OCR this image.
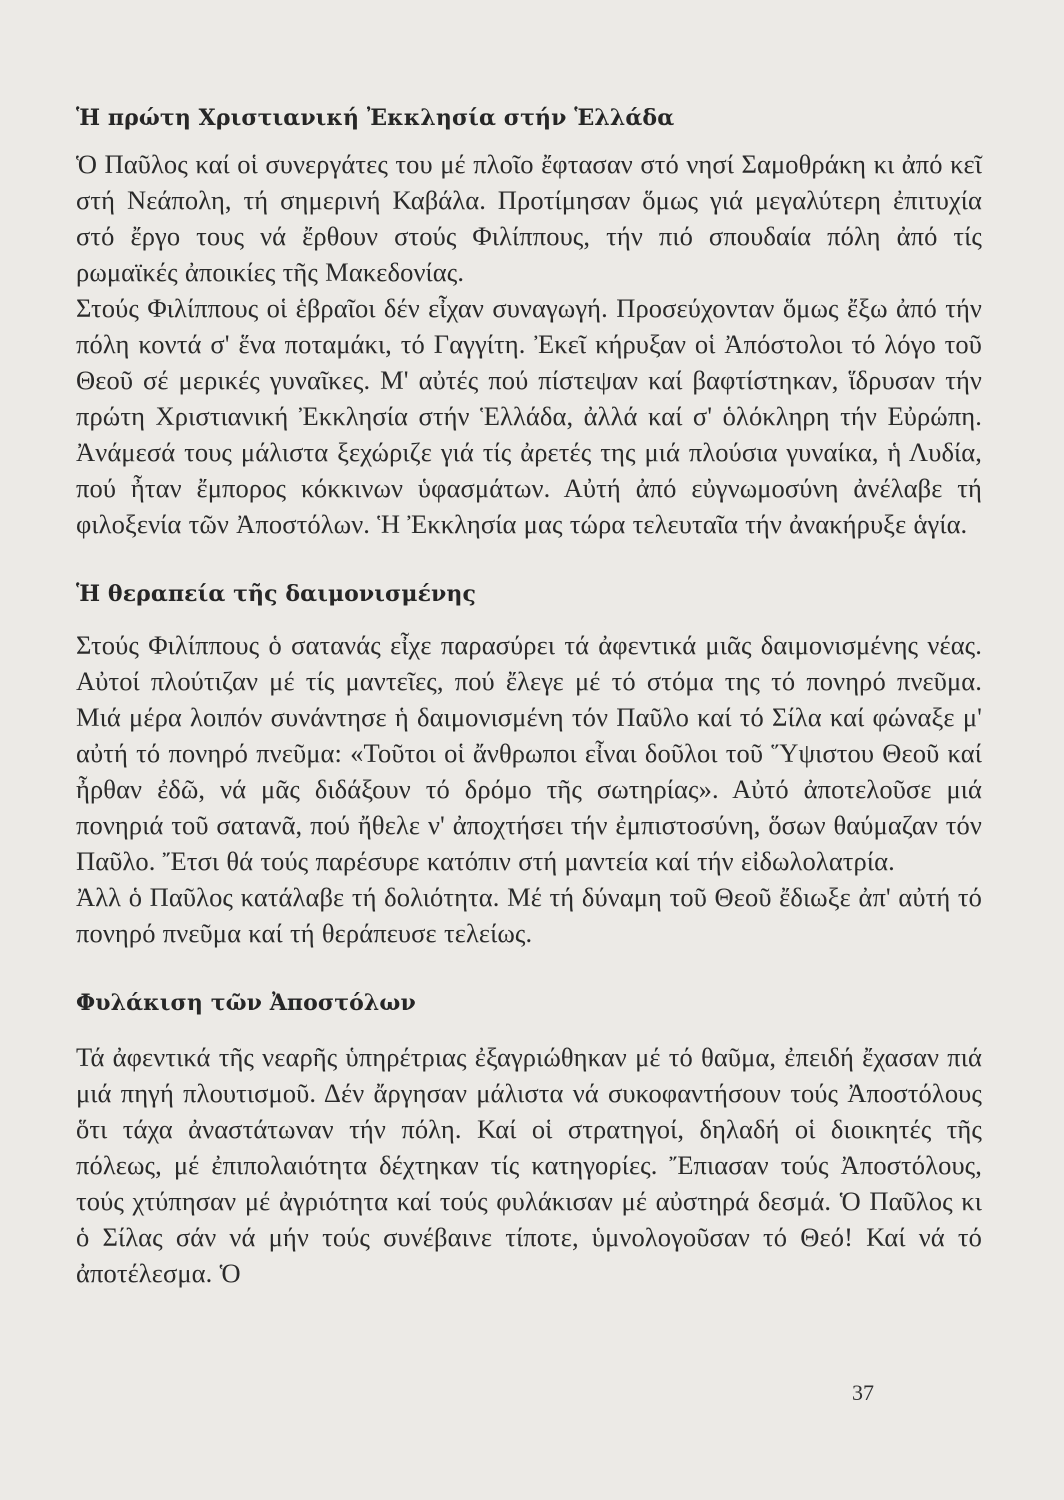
Ἡ πρώτη Χριστιανική Ἐκκλησία στήν Ἑλλάδα

Ὁ Παῦλος καί οἱ συνεργάτες του μέ πλοῖο ἔφτασαν στό νησί Σαμοθράκη κι ἀπό κεῖ στή Νεάπολη, τή σημερινή Καβάλα. Προτίμησαν ὅμως γιά μεγαλύτερη ἐπιτυχία στό ἔργο τους νά ἔρθουν στούς Φιλίππους, τήν πιό σπουδαία πόλη ἀπό τίς ρωμαϊκές ἀποικίες τῆς Μακεδονίας.

Στούς Φιλίππους οἱ ἑβραῖοι δέν εἶχαν συναγωγή. Προσεύχονταν ὅμως ἔξω ἀπό τήν πόλη κοντά σ' ἕνα ποταμάκι, τό Γαγγίτη. Ἐκεῖ κήρυξαν οἱ Ἀπόστολοι τό λόγο τοῦ Θεοῦ σέ μερικές γυναῖκες. Μ' αὐτές πού πίστεψαν καί βαφτίστηκαν, ἵδρυσαν τήν πρώτη Χριστιανική Ἐκκλησία στήν Ἑλλάδα, ἀλλά καί σ' ὁλόκληρη τήν Εὐρώπη. Ἀνάμεσά τους μάλιστα ξεχώριζε γιά τίς ἀρετές της μιά πλούσια γυναίκα, ἡ Λυδία, πού ἦταν ἔμπορος κόκκινων ὑφασμάτων. Αὐτή ἀπό εὐγνωμοσύνη ἀνέλαβε τή φιλοξενία τῶν Ἀποστόλων. Ἡ Ἐκκλησία μας τώρα τελευταῖα τήν ἀνακήρυξε ἁγία.

Ἡ θεραπεία τῆς δαιμονισμένης

Στούς Φιλίππους ὁ σατανάς εἶχε παρασύρει τά ἀφεντικά μιᾶς δαιμονισμένης νέας. Αὐτοί πλούτιζαν μέ τίς μαντεῖες, πού ἔλεγε μέ τό στόμα της τό πονηρό πνεῦμα. Μιά μέρα λοιπόν συνάντησε ἡ δαιμονισμένη τόν Παῦλο καί τό Σίλα καί φώναξε μ' αὐτή τό πονηρό πνεῦμα: «Τοῦτοι οἱ ἄνθρωποι εἶναι δοῦλοι τοῦ Ὕψιστου Θεοῦ καί ἦρθαν ἐδῶ, νά μᾶς διδάξουν τό δρόμο τῆς σωτηρίας». Αὐτό ἀποτελοῦσε μιά πονηριά τοῦ σατανᾶ, πού ἤθελε ν' ἀποχτήσει τήν ἐμπιστοσύνη, ὅσων θαύμαζαν τόν Παῦλο. Ἔτσι θά τούς παρέσυρε κατόπιν στή μαντεία καί τήν εἰδωλολατρία.

Ἀλλ ὁ Παῦλος κατάλαβε τή δολιότητα. Μέ τή δύναμη τοῦ Θεοῦ ἔδιωξε ἀπ' αὐτή τό πονηρό πνεῦμα καί τή θεράπευσε τελείως.

Φυλάκιση τῶν Ἀποστόλων

Τά ἀφεντικά τῆς νεαρῆς ὑπηρέτριας ἐξαγριώθηκαν μέ τό θαῦμα, ἐπειδή ἔχασαν πιά μιά πηγή πλουτισμοῦ. Δέν ἄργησαν μάλιστα νά συκοφαντήσουν τούς Ἀποστόλους ὅτι τάχα ἀναστάτωναν τήν πόλη. Καί οἱ στρατηγοί, δηλαδή οἱ διοικητές τῆς πόλεως, μέ ἐπιπολαιότητα δέχτηκαν τίς κατηγορίες. Ἔπιασαν τούς Ἀποστόλους, τούς χτύπησαν μέ ἀγριότητα καί τούς φυλάκισαν μέ αὐστηρά δεσμά. Ὁ Παῦλος κι ὁ Σίλας σάν νά μήν τούς συνέβαινε τίποτε, ὑμνολογοῦσαν τό Θεό! Καί νά τό ἀποτέλεσμα. Ὁ

37
